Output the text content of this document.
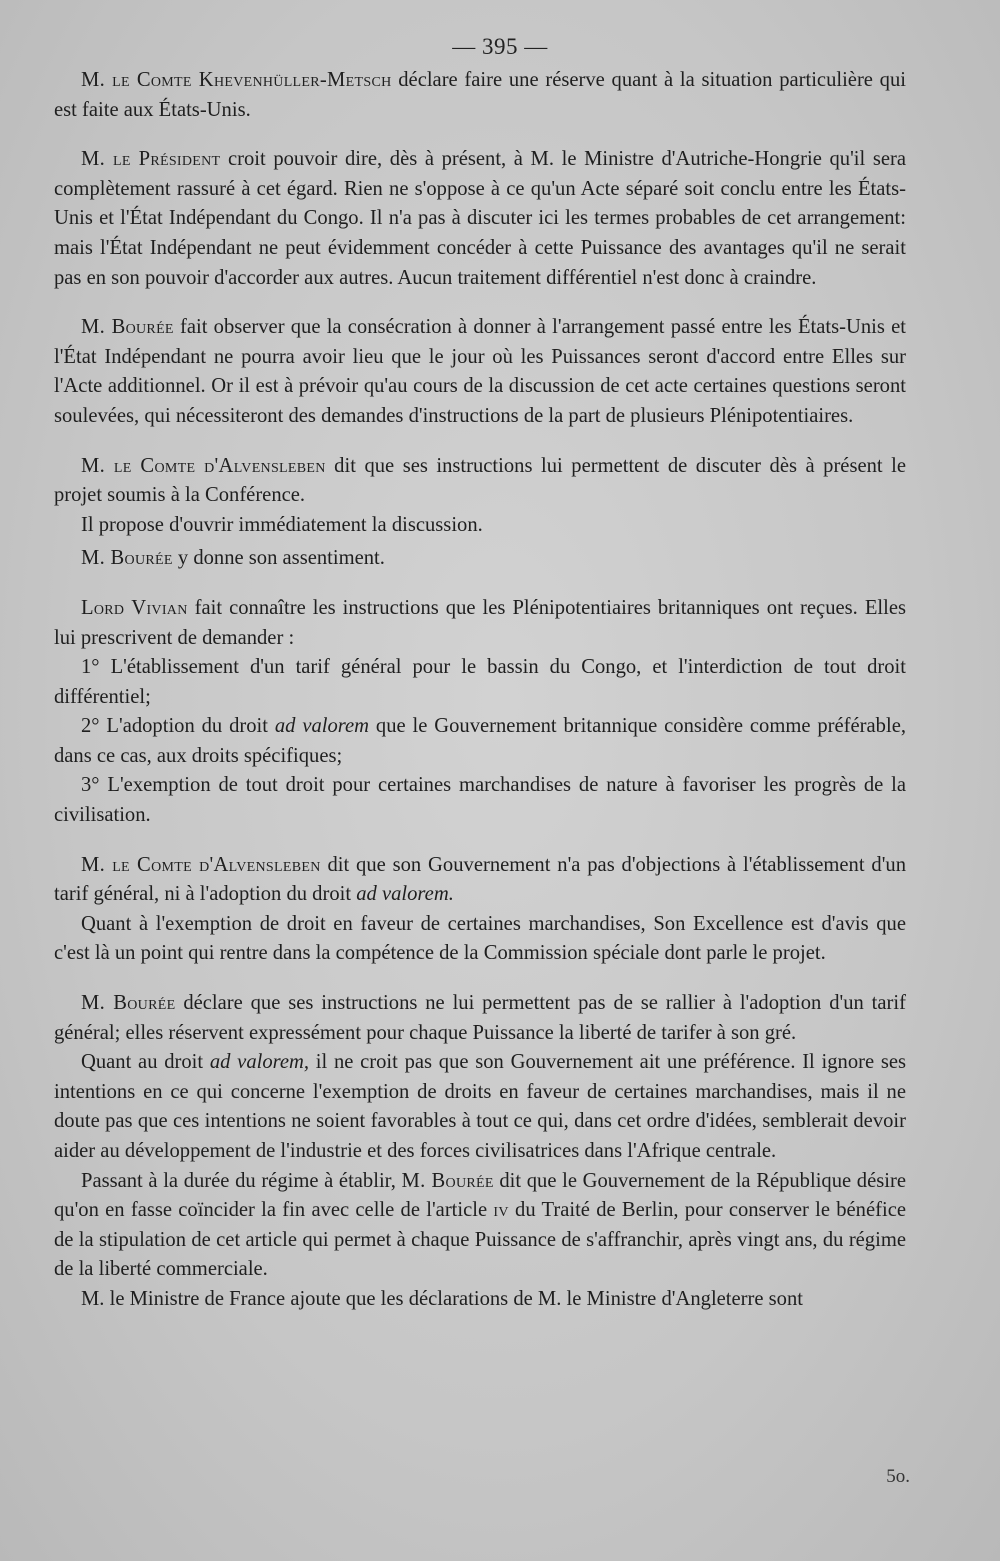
— 395 —

M. le Comte Khevenhüller-Metsch déclare faire une réserve quant à la situation particulière qui est faite aux États-Unis.

M. le Président croit pouvoir dire, dès à présent, à M. le Ministre d'Autriche-Hongrie qu'il sera complètement rassuré à cet égard. Rien ne s'oppose à ce qu'un Acte séparé soit conclu entre les États-Unis et l'État Indépendant du Congo. Il n'a pas à discuter ici les termes probables de cet arrangement: mais l'État Indépendant ne peut évidemment concéder à cette Puissance des avantages qu'il ne serait pas en son pouvoir d'accorder aux autres. Aucun traitement différentiel n'est donc à craindre.

M. Bourée fait observer que la consécration à donner à l'arrangement passé entre les États-Unis et l'État Indépendant ne pourra avoir lieu que le jour où les Puissances seront d'accord entre Elles sur l'Acte additionnel. Or il est à prévoir qu'au cours de la discussion de cet acte certaines questions seront soulevées, qui nécessiteront des demandes d'instructions de la part de plusieurs Plénipotentiaires.

M. le Comte d'Alvensleben dit que ses instructions lui permettent de discuter dès à présent le projet soumis à la Conférence.

Il propose d'ouvrir immédiatement la discussion.

M. Bourée y donne son assentiment.

Lord Vivian fait connaître les instructions que les Plénipotentiaires britanniques ont reçues. Elles lui prescrivent de demander :

1° L'établissement d'un tarif général pour le bassin du Congo, et l'interdiction de tout droit différentiel;

2° L'adoption du droit ad valorem que le Gouvernement britannique considère comme préférable, dans ce cas, aux droits spécifiques;

3° L'exemption de tout droit pour certaines marchandises de nature à favoriser les progrès de la civilisation.

M. le Comte d'Alvensleben dit que son Gouvernement n'a pas d'objections à l'établissement d'un tarif général, ni à l'adoption du droit ad valorem.

Quant à l'exemption de droit en faveur de certaines marchandises, Son Excellence est d'avis que c'est là un point qui rentre dans la compétence de la Commission spéciale dont parle le projet.

M. Bourée déclare que ses instructions ne lui permettent pas de se rallier à l'adoption d'un tarif général; elles réservent expressément pour chaque Puissance la liberté de tarifer à son gré.

Quant au droit ad valorem, il ne croit pas que son Gouvernement ait une préférence. Il ignore ses intentions en ce qui concerne l'exemption de droits en faveur de certaines marchandises, mais il ne doute pas que ces intentions ne soient favorables à tout ce qui, dans cet ordre d'idées, semblerait devoir aider au développement de l'industrie et des forces civilisatrices dans l'Afrique centrale.

Passant à la durée du régime à établir, M. Bourée dit que le Gouvernement de la République désire qu'on en fasse coïncider la fin avec celle de l'article iv du Traité de Berlin, pour conserver le bénéfice de la stipulation de cet article qui permet à chaque Puissance de s'affranchir, après vingt ans, du régime de la liberté commerciale.

M. le Ministre de France ajoute que les déclarations de M. le Ministre d'Angleterre sont

5o.
